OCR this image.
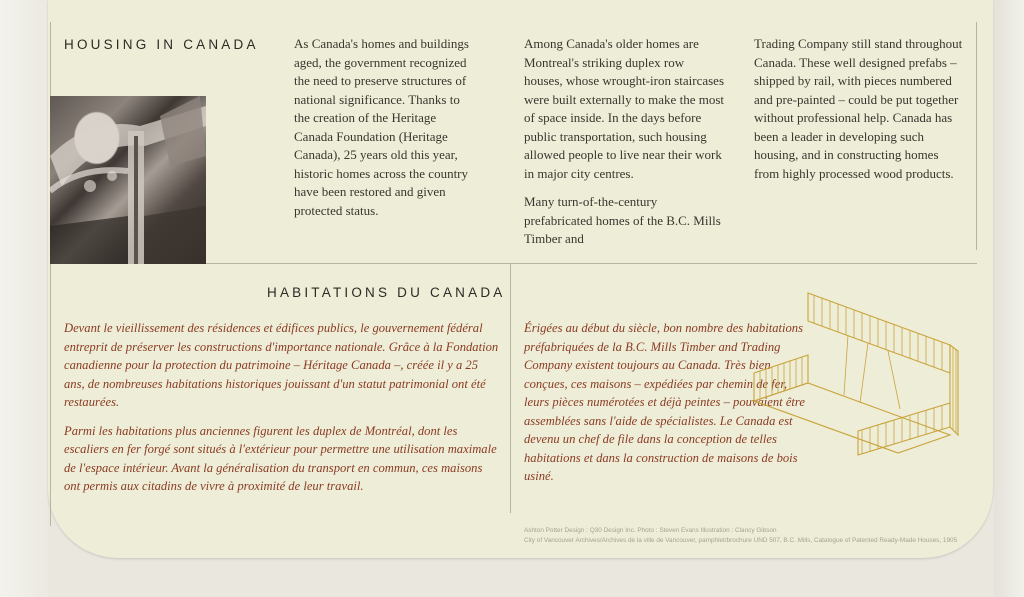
HOUSING IN CANADA	As Canada's homes and buildings aged, the government recognized the need to preserve structures of national significance. Thanks to the creation of the Heritage Canada Foundation (Heritage Canada), 25 years old this year, historic homes across the country have been restored and given protected status.

Among Canada's older homes are Montreal's striking duplex row houses, whose wrought-iron staircases were built externally to make the most of space inside. In the days before public transportation, such housing allowed people to live near their work in major city centres.

Many turn-of-the-century prefabricated homes of the B.C. Mills Timber and

Trading Company still stand throughout Canada. These well designed prefabs – shipped by rail, with pieces numbered and pre-painted – could be put together without professional help. Canada has been a leader in developing such housing, and in constructing homes from highly processed wood products.

HABITATIONS DU CANADA

Devant le vieillissement des résidences et édifices publics, le gouvernement fédéral entreprit de préserver les constructions d'importance nationale. Grâce à la Fondation canadienne pour la protection du patrimoine – Héritage Canada –, créée il y a 25 ans, de nombreuses habitations historiques jouissant d'un statut patrimonial ont été restaurées.

Parmi les habitations plus anciennes figurent les duplex de Montréal, dont les escaliers en fer forgé sont situés à l'extérieur pour permettre une utilisation maximale de l'espace intérieur. Avant la généralisation du transport en commun, ces maisons ont permis aux citadins de vivre à proximité de leur travail.

Érigées au début du siècle, bon nombre des habitations préfabriquées de la B.C. Mills Timber and Trading Company existent toujours au Canada. Très bien conçues, ces maisons – expédiées par chemin de fer, leurs pièces numérotées et déjà peintes – pouvaient être assemblées sans l'aide de spécialistes. Le Canada est devenu un chef de file dans la conception de telles habitations et dans la construction de maisons de bois usiné.

Ashton Potter Design : Q30 Design Inc. Photo : Steven Evans Illustration : Clancy Gibson
City of Vancouver Archives/Archives de la ville de Vancouver, pamphlet/brochure UND 507, B.C. Mills, Catalogue of Patented Ready-Made Houses, 1905
